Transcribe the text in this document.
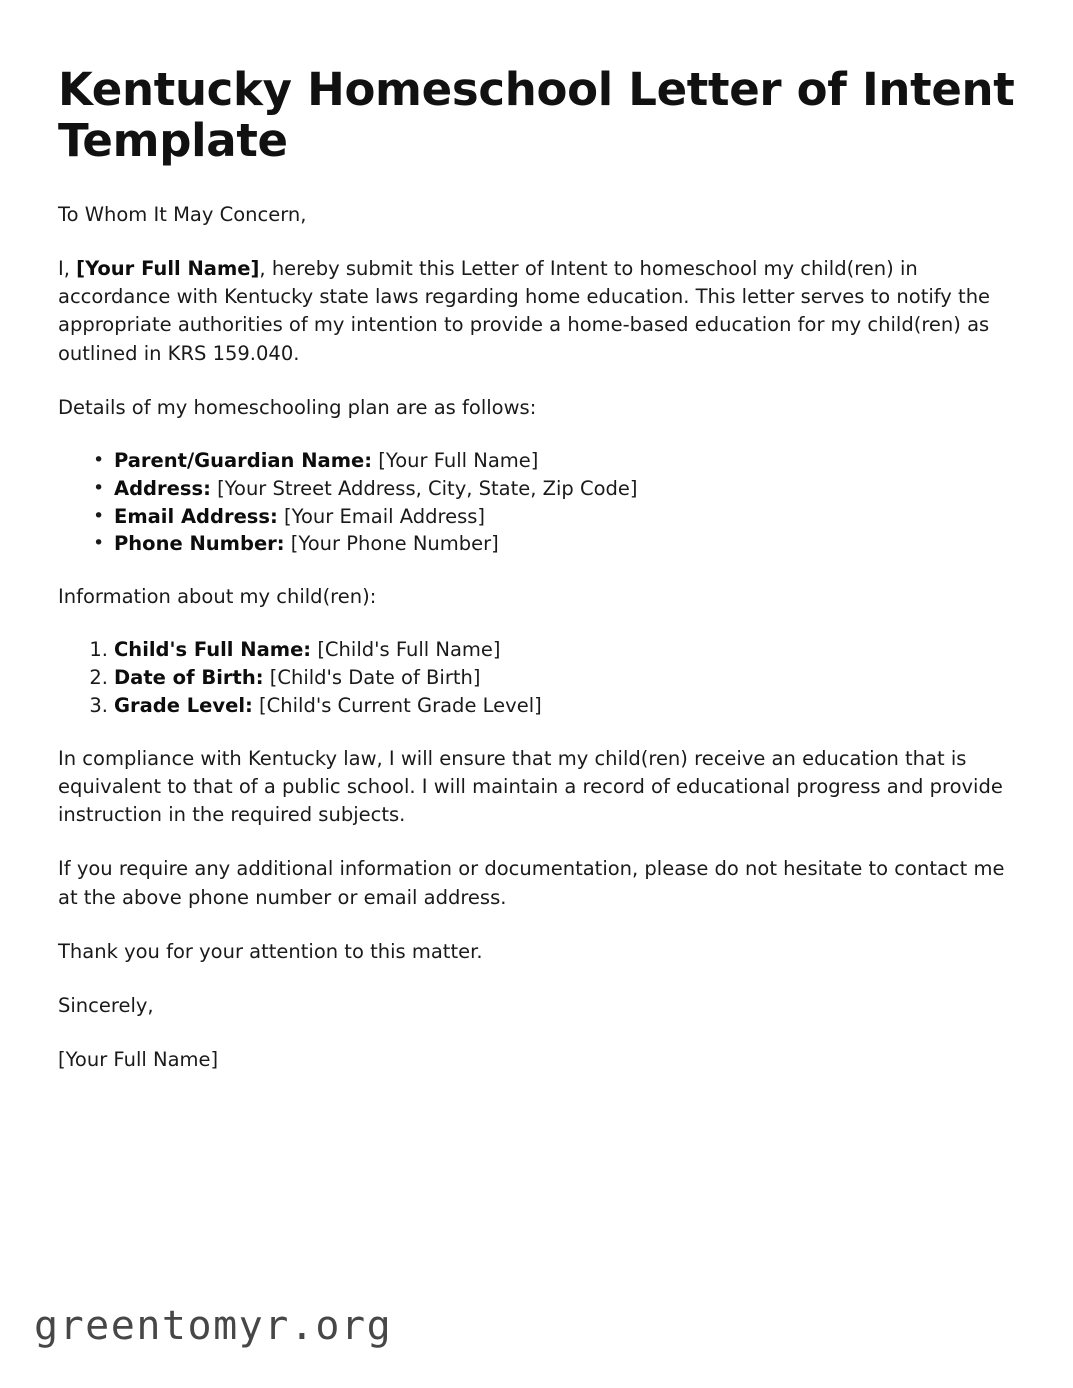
Kentucky Homeschool Letter of Intent Template

To Whom It May Concern,

I, [Your Full Name], hereby submit this Letter of Intent to homeschool my child(ren) in accordance with Kentucky state laws regarding home education. This letter serves to notify the appropriate authorities of my intention to provide a home-based education for my child(ren) as outlined in KRS 159.040.

Details of my homeschooling plan are as follows:

• Parent/Guardian Name: [Your Full Name]
• Address: [Your Street Address, City, State, Zip Code]
• Email Address: [Your Email Address]
• Phone Number: [Your Phone Number]

Information about my child(ren):

Child's Full Name: [Child's Full Name]
Date of Birth: [Child's Date of Birth]
Grade Level: [Child's Current Grade Level]

In compliance with Kentucky law, I will ensure that my child(ren) receive an education that is equivalent to that of a public school. I will maintain a record of educational progress and provide instruction in the required subjects.

If you require any additional information or documentation, please do not hesitate to contact me at the above phone number or email address.

Thank you for your attention to this matter.

Sincerely,

[Your Full Name]

greentomyr.org
